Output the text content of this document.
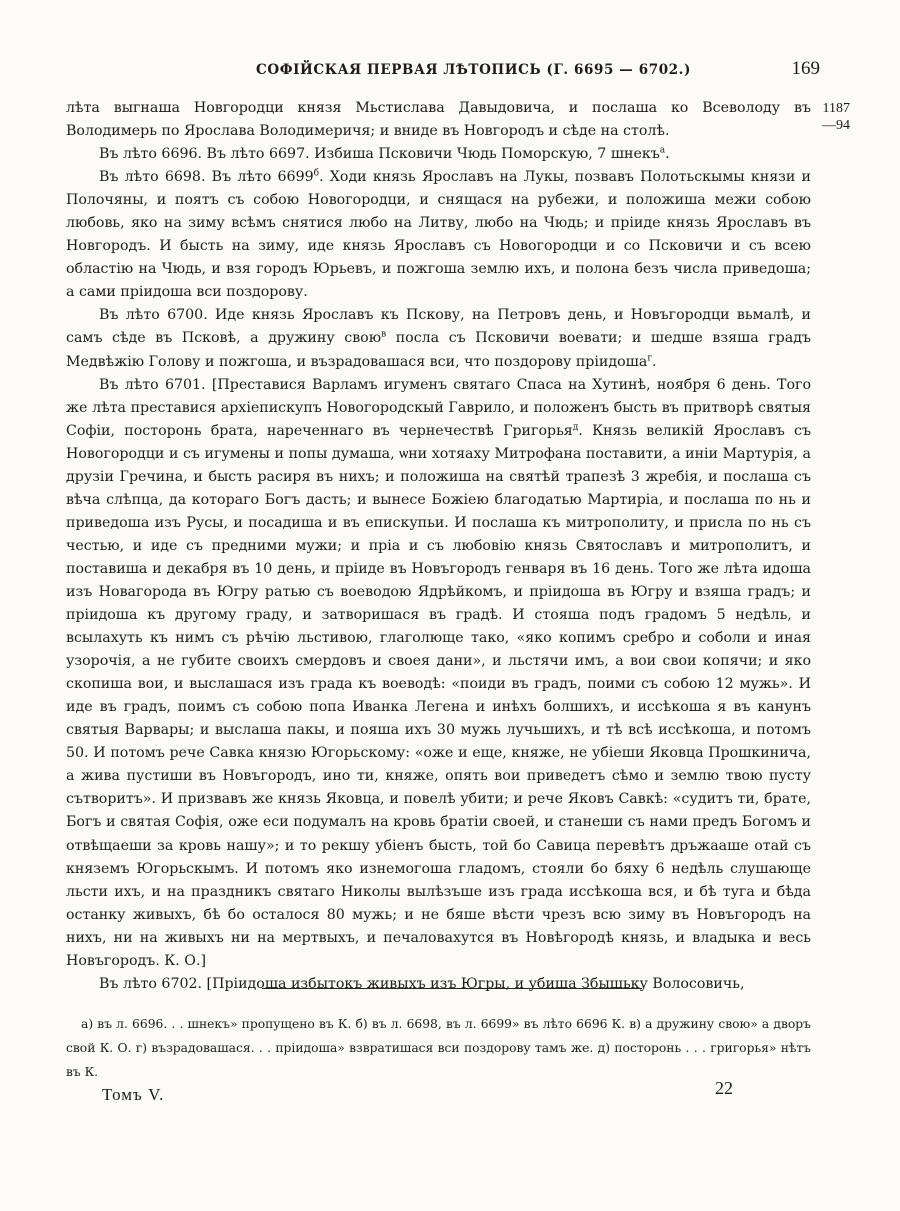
СОФІЙСКАЯ ПЕРВАЯ ЛѢТОПИСЬ (Г. 6695 — 6702.)	169
1187
—94

лѣта выгнаша Новгородци князя Мьстислава Давыдовича, и послаша ко Всеволоду въ Володимерь по Ярослава Володимеричя; и вниде въ Новгородъ и сѣде на столѣ.

Въ лѣто 6696. Въ лѣто 6697. Избиша Псковичи Чюдь Поморскую, 7 шнекъ$^а$.

Въ лѣто 6698. Въ лѣто $6699^б$. Ходи князь Ярославъ на Лукы, позвавъ Полотьскымы князи и Полочяны, и поятъ съ собою Новогородци, и снящася на рубежи, и положиша межи собою любовь, яко на зиму всѣмъ снятися любо на Литву, любо на Чюдь; и пріиде князь Ярославъ въ Новгородъ. И бысть на зиму, иде князь Ярославъ съ Новогородци и со Псковичи и съ всею областію на Чюдь, и взя городъ Юрьевъ, и пожгоша землю ихъ, и полона безъ числа приведоша; а сами пріидоша вси поздорову.

Въ лѣто 6700. Иде князь Ярославъ къ Пскову, на Петровъ день, и Новъгородци вьмалѣ, и самъ сѣде въ Псковѣ, а дружину свою$^в$ посла съ Псковичи воевати; и шедше взяша градъ Медвѣжію Голову и пожгоша, и възрадовашася вси, что поздорову пріидоша$^г$.

Въ лѣто 6701. [Преставися Варламъ игуменъ святаго Спаса на Хутинѣ, ноября 6 день. Того же лѣта преставися архіепискупъ Новогородскый Гаврило, и положенъ бысть въ притворѣ святыя Софіи, посторонь брата, нареченнаго въ чернечествѣ Григорья$^д$. Князь великій Ярославъ съ Новогородци и съ игумены и попы думаша, ѡни хотяаху Митрофана поставити, а иніи Мартурія, а друзіи Гречина, и бысть расиря въ нихъ; и положиша на святѣй трапезѣ 3 жребія, и послаша съ вѣча слѣпца, да котораго Богъ дасть; и вынесе Божіею благодатью Мартиріа, и послаша по нь и приведоша изъ Русы, и посадиша и въ епискупьи. И послаша къ митрополиту, и присла по нь съ честью, и иде съ предними мужи; и пріа и съ любовію князь Святославъ и митрополитъ, и поставиша и декабря въ 10 день, и пріиде въ Новъгородъ генваря въ 16 день. Того же лѣта идоша изъ Новагорода въ Югру ратью съ воеводою Ядрѣйкомъ, и пріидоша въ Югру и взяша градъ; и пріидоша къ другому граду, и затворишася въ градѣ. И стояша подъ градомъ 5 недѣль, и всылахуть къ нимъ съ рѣчію льстивою, глаголюще тако, «яко копимъ сребро и соболи и иная узорочія, а не губите своихъ смердовъ и своея дани», и льстячи имъ, а вои свои копячи; и яко скопиша вои, и выслашася изъ града къ воеводѣ: «поиди въ градъ, поими съ собою 12 мужь». И иде въ градъ, поимъ съ собою попа Иванка Легена и инѣхъ болшихъ, и иссѣкоша я въ канунъ святыя Варвары; и выслаша пакы, и пояша ихъ 30 мужь лучьшихъ, и тѣ всѣ иссѣкоша, и потомъ 50. И потомъ рече Савка князю Югорьскому: «оже и еще, княже, не убіеши Яковца Прошкинича, а жива пустиши въ Новъгородъ, ино ти, княже, опять вои приведетъ сѣмо и землю твою пусту сътворитъ». И призвавъ же князь Яковца, и повелѣ убити; и рече Яковъ Савкѣ: «судитъ ти, брате, Богъ и святая Софія, оже еси подумалъ на кровь братіи своей, и станеши съ нами предъ Богомъ и отвѣщаеши за кровь нашу»; и то рекшу убіенъ бысть, той бо Савица перевѣтъ дръжааше отай съ княземъ Югорьскымъ. И потомъ яко изнемогоша гладомъ, стояли бо бяху 6 недѣль слушающе льсти ихъ, и на праздникъ святаго Николы вылѣзъше изъ града иссѣкоша вся, и бѣ туга и бѣда останку живыхъ, бѣ бо осталося 80 мужь; и не бяше вѣсти чрезъ всю зиму въ Новъгородъ на нихъ, ни на живыхъ ни на мертвыхъ, и печаловахутся въ Новѣгородѣ князь, и владыка и весь Новъгородъ. К. О.]

Въ лѣто 6702. [Пріидоша избытокъ живыхъ изъ Югры, и убиша Збышьку Волосовичь,

а) въ л. 6696. . . шнекъ» пропущено въ К. б) въ л. 6698, въ л. 6699» въ лѣто 6696 К. в) а дружину свою» а дворъ свой К. О. г) възрадовашася. . . пріидоша» взвратишася вси поздорову тамъ же. д) посторонь . . . григорья» нѣтъ въ К.

Томъ V.	22
